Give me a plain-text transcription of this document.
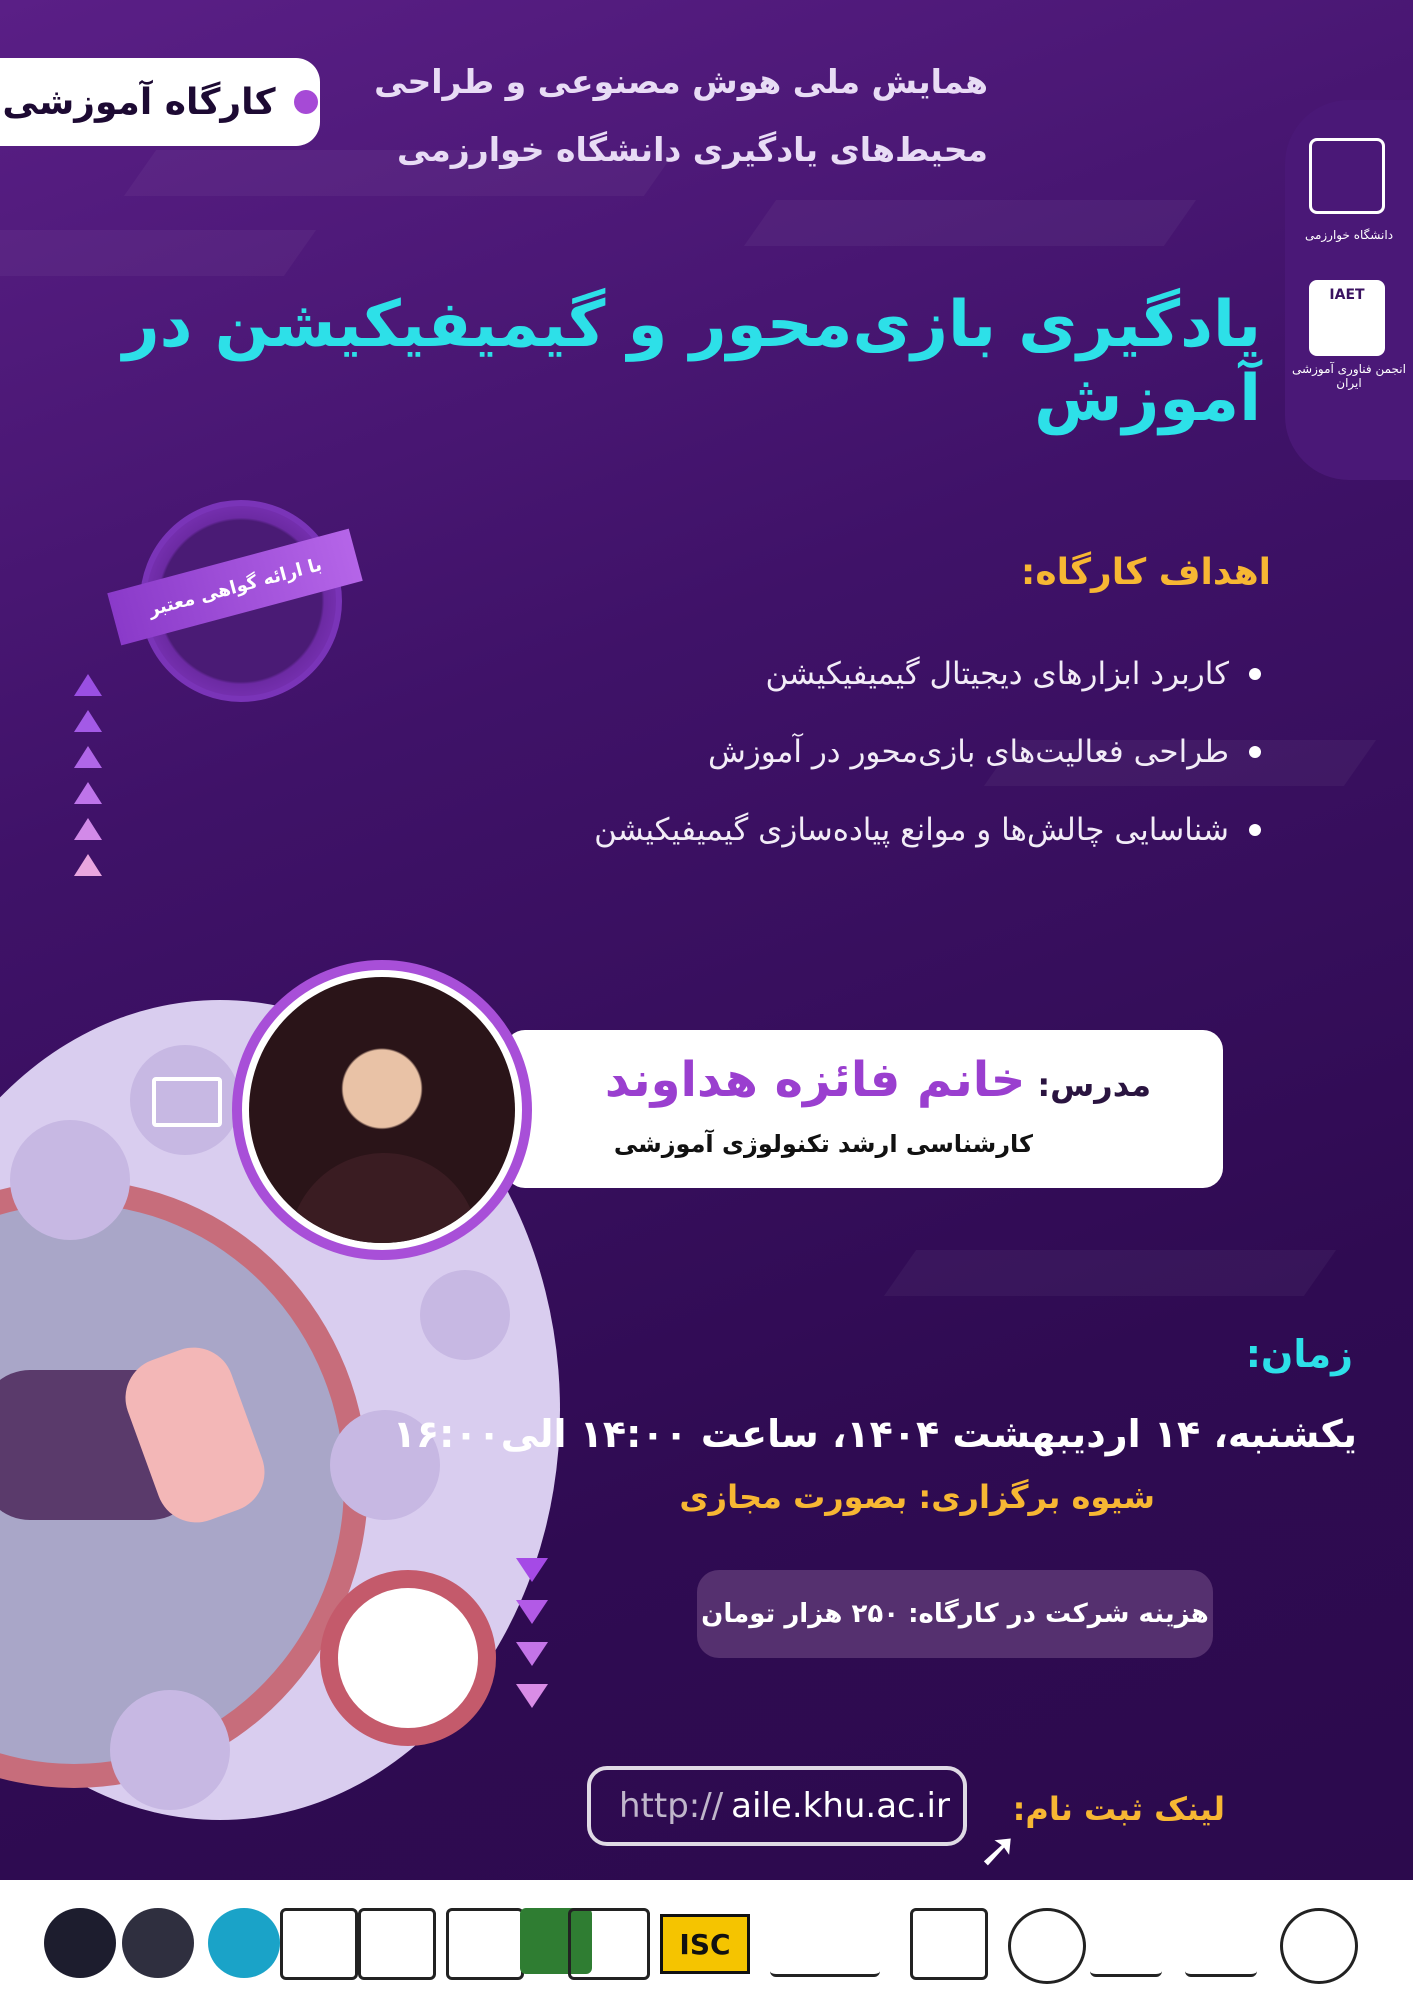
کارگاه آموزشی	همایش ملی هوش مصنوعی و طراحی
محیط‌های یادگیری دانشگاه خوارزمی
یادگیری بازی‌محور و گیمیفیکیشن در آموزش
دانشگاه خوارزمی
IAET
انجمن فناوری آموزشی ایران
با ارائه گواهی معتبر	اهداف کارگاه:
کاربرد ابزارهای دیجیتال گیمیفیکیشن
طراحی فعالیت‌های بازی‌محور در آموزش
شناسایی چالش‌ها و موانع پیاده‌سازی گیمیفیکیشن
مدرس:
خانم فائزه هداوند
کارشناسی ارشد تکنولوژی آموزشی
زمان:
یکشنبه، ۱۴ اردیبهشت ۱۴۰۴، ساعت ۱۴:۰۰ الی۱۶:۰۰
شیوه برگزاری: بصورت مجازی
هزینه شرکت در کارگاه: ۲۵۰ هزار تومان
http:// aile.khu.ac.ir لینک ثبت نام:
➚
ISC
